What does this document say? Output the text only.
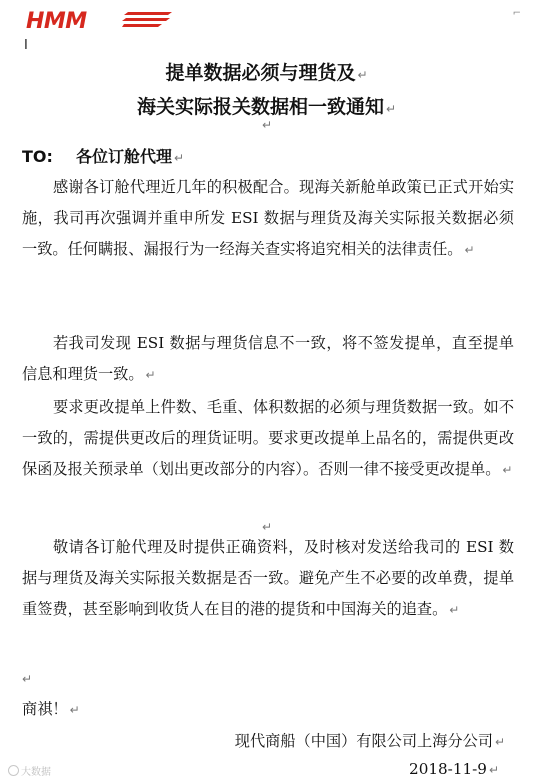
HMM	⌐
I
提单数据必须与理货及 ↵
海关实际报关数据相一致通知 ↵
↵
TO: 各位订舱代理 ↵
感谢各订舱代理近几年的积极配合。现海关新舱单政策已正式开始实施，我司再次强调并重申所发 ESI 数据与理货及海关实际报关数据必须一致。任何瞒报、漏报行为一经海关查实将追究相关的法律责任。 ↵
若我司发现 ESI 数据与理货信息不一致，将不签发提单，直至提单信息和理货一致。 ↵
要求更改提单上件数、毛重、体积数据的必须与理货数据一致。如不一致的，需提供更改后的理货证明。要求更改提单上品名的，需提供更改保函及报关预录单（划出更改部分的内容）。否则一律不接受更改提单。 ↵
↵
敬请各订舱代理及时提供正确资料，及时核对发送给我司的 ESI 数据与理货及海关实际报关数据是否一致。避免产生不必要的改单费，提单重签费，甚至影响到收货人在目的港的提货和中国海关的追查。 ↵
↵
商祺！ ↵
现代商船（中国）有限公司上海分公司 ↵
2018-11-9 ↵
大数据
